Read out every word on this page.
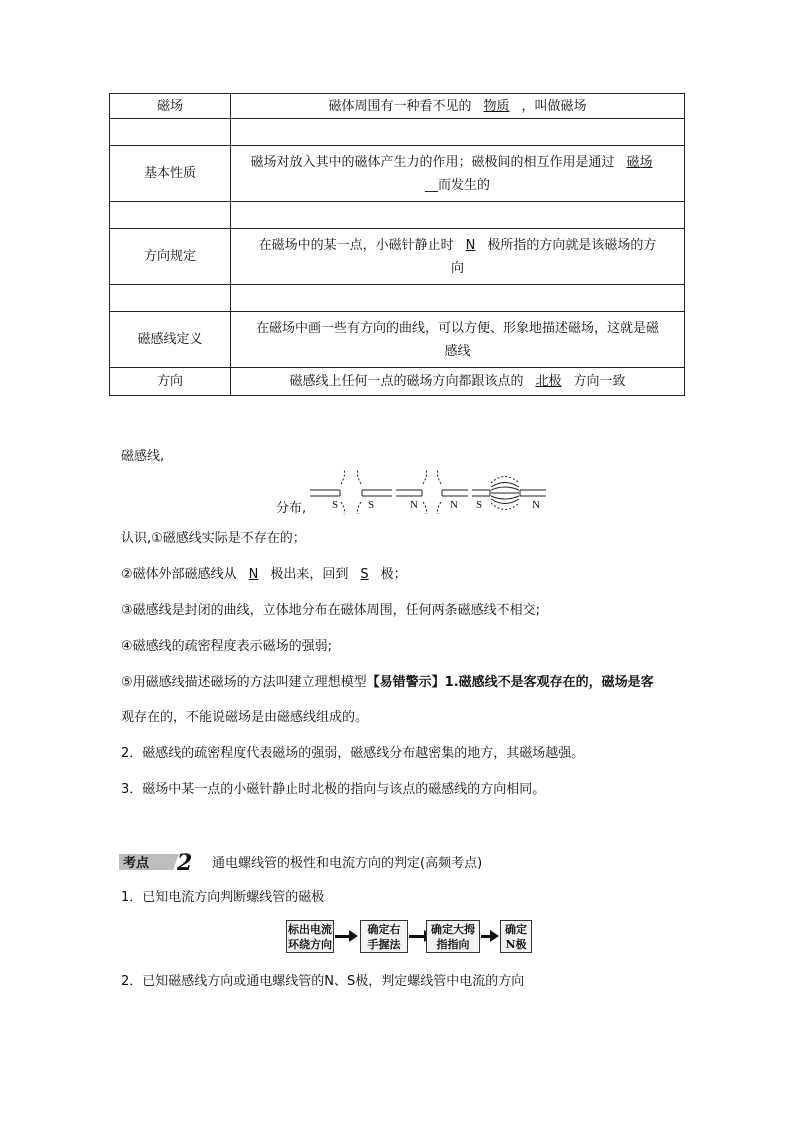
磁场	磁体周围有一种看不见的 物质 ，叫做磁场

基本性质	磁场对放入其中的磁体产生力的作用；磁极间的相互作用是通过 磁场
__而发生的

方向规定	在磁场中的某一点，小磁针静止时 N 极所指的方向就是该磁场的方
向

磁感线定义	在磁场中画一些有方向的曲线，可以方便、形象地描述磁场，这就是磁
感线
方向	磁感线上任何一点的磁场方向都跟该点的 北极 方向一致
磁感线,
分布, S	S	N	N S	N
认识,①磁感线实际是不存在的；
②磁体外部磁感线从 N 极出来，回到 S 极；
③磁感线是封闭的曲线，立体地分布在磁体周围，任何两条磁感线不相交;
④磁感线的疏密程度表示磁场的强弱;
⑤用磁感线描述磁场的方法叫建立理想模型【易错警示】1.磁感线不是客观存在的，磁场是客
观存在的，不能说磁场是由磁感线组成的。
2．磁感线的疏密程度代表磁场的强弱，磁感线分布越密集的地方，其磁场越强。
3．磁场中某一点的小磁针静止时北极的指向与该点的磁感线的方向相同。
考点 2 通电螺线管的极性和电流方向的判定(高频考点)
1．已知电流方向判断螺线管的磁极
标出电流
环绕方向
确定右
手握法
确定大拇
指指向
确定
N极
2．已知磁感线方向或通电螺线管的N、S极，判定螺线管中电流的方向
